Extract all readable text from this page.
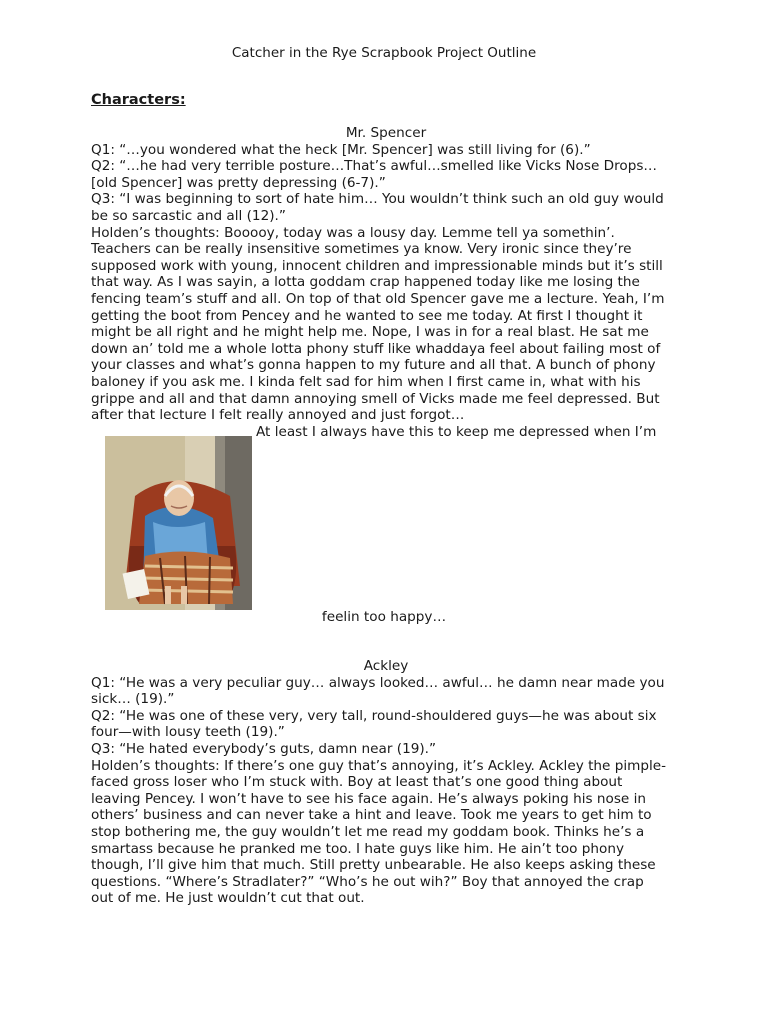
Catcher in the Rye Scrapbook Project Outline
Characters:

Mr. Spencer

Q1: “…you wondered what the heck [Mr. Spencer] was still living for (6).”

Q2: “…he had very terrible posture…That’s awful…smelled like Vicks Nose Drops…

[old Spencer] was pretty depressing (6-7).”

Q3: “I was beginning to sort of hate him… You wouldn’t think such an old guy would

be so sarcastic and all (12).”

Holden’s thoughts: Booooy, today was a lousy day. Lemme tell ya somethin’.

Teachers can be really insensitive sometimes ya know. Very ironic since they’re

supposed work with young, innocent children and impressionable minds but it’s still

that way. As I was sayin, a lotta goddam crap happened today like me losing the

fencing team’s stuff and all. On top of that old Spencer gave me a lecture. Yeah, I’m

getting the boot from Pencey and he wanted to see me today. At first I thought it

might be all right and he might help me. Nope, I was in for a real blast. He sat me

down an’ told me a whole lotta phony stuff like whaddaya feel about failing most of

your classes and what’s gonna happen to my future and all that. A bunch of phony

baloney if you ask me. I kinda felt sad for him when I first came in, what with his

grippe and all and that damn annoying smell of Vicks made me feel depressed. But

after that lecture I felt really annoyed and just forgot…

At least I always have this to keep me depressed when I’m
feelin too happy…

Ackley

Q1: “He was a very peculiar guy… always looked… awful… he damn near made you

sick… (19).”

Q2: “He was one of these very, very tall, round-shouldered guys—he was about six

four—with lousy teeth (19).”

Q3: “He hated everybody’s guts, damn near (19).”

Holden’s thoughts: If there’s one guy that’s annoying, it’s Ackley. Ackley the pimple-

faced gross loser who I’m stuck with. Boy at least that’s one good thing about

leaving Pencey. I won’t have to see his face again. He’s always poking his nose in

others’ business and can never take a hint and leave. Took me years to get him to

stop bothering me, the guy wouldn’t let me read my goddam book. Thinks he’s a

smartass because he pranked me too. I hate guys like him. He ain’t too phony

though, I’ll give him that much. Still pretty unbearable. He also keeps asking these

questions. “Where’s Stradlater?” “Who’s he out wih?” Boy that annoyed the crap

out of me. He just wouldn’t cut that out.
